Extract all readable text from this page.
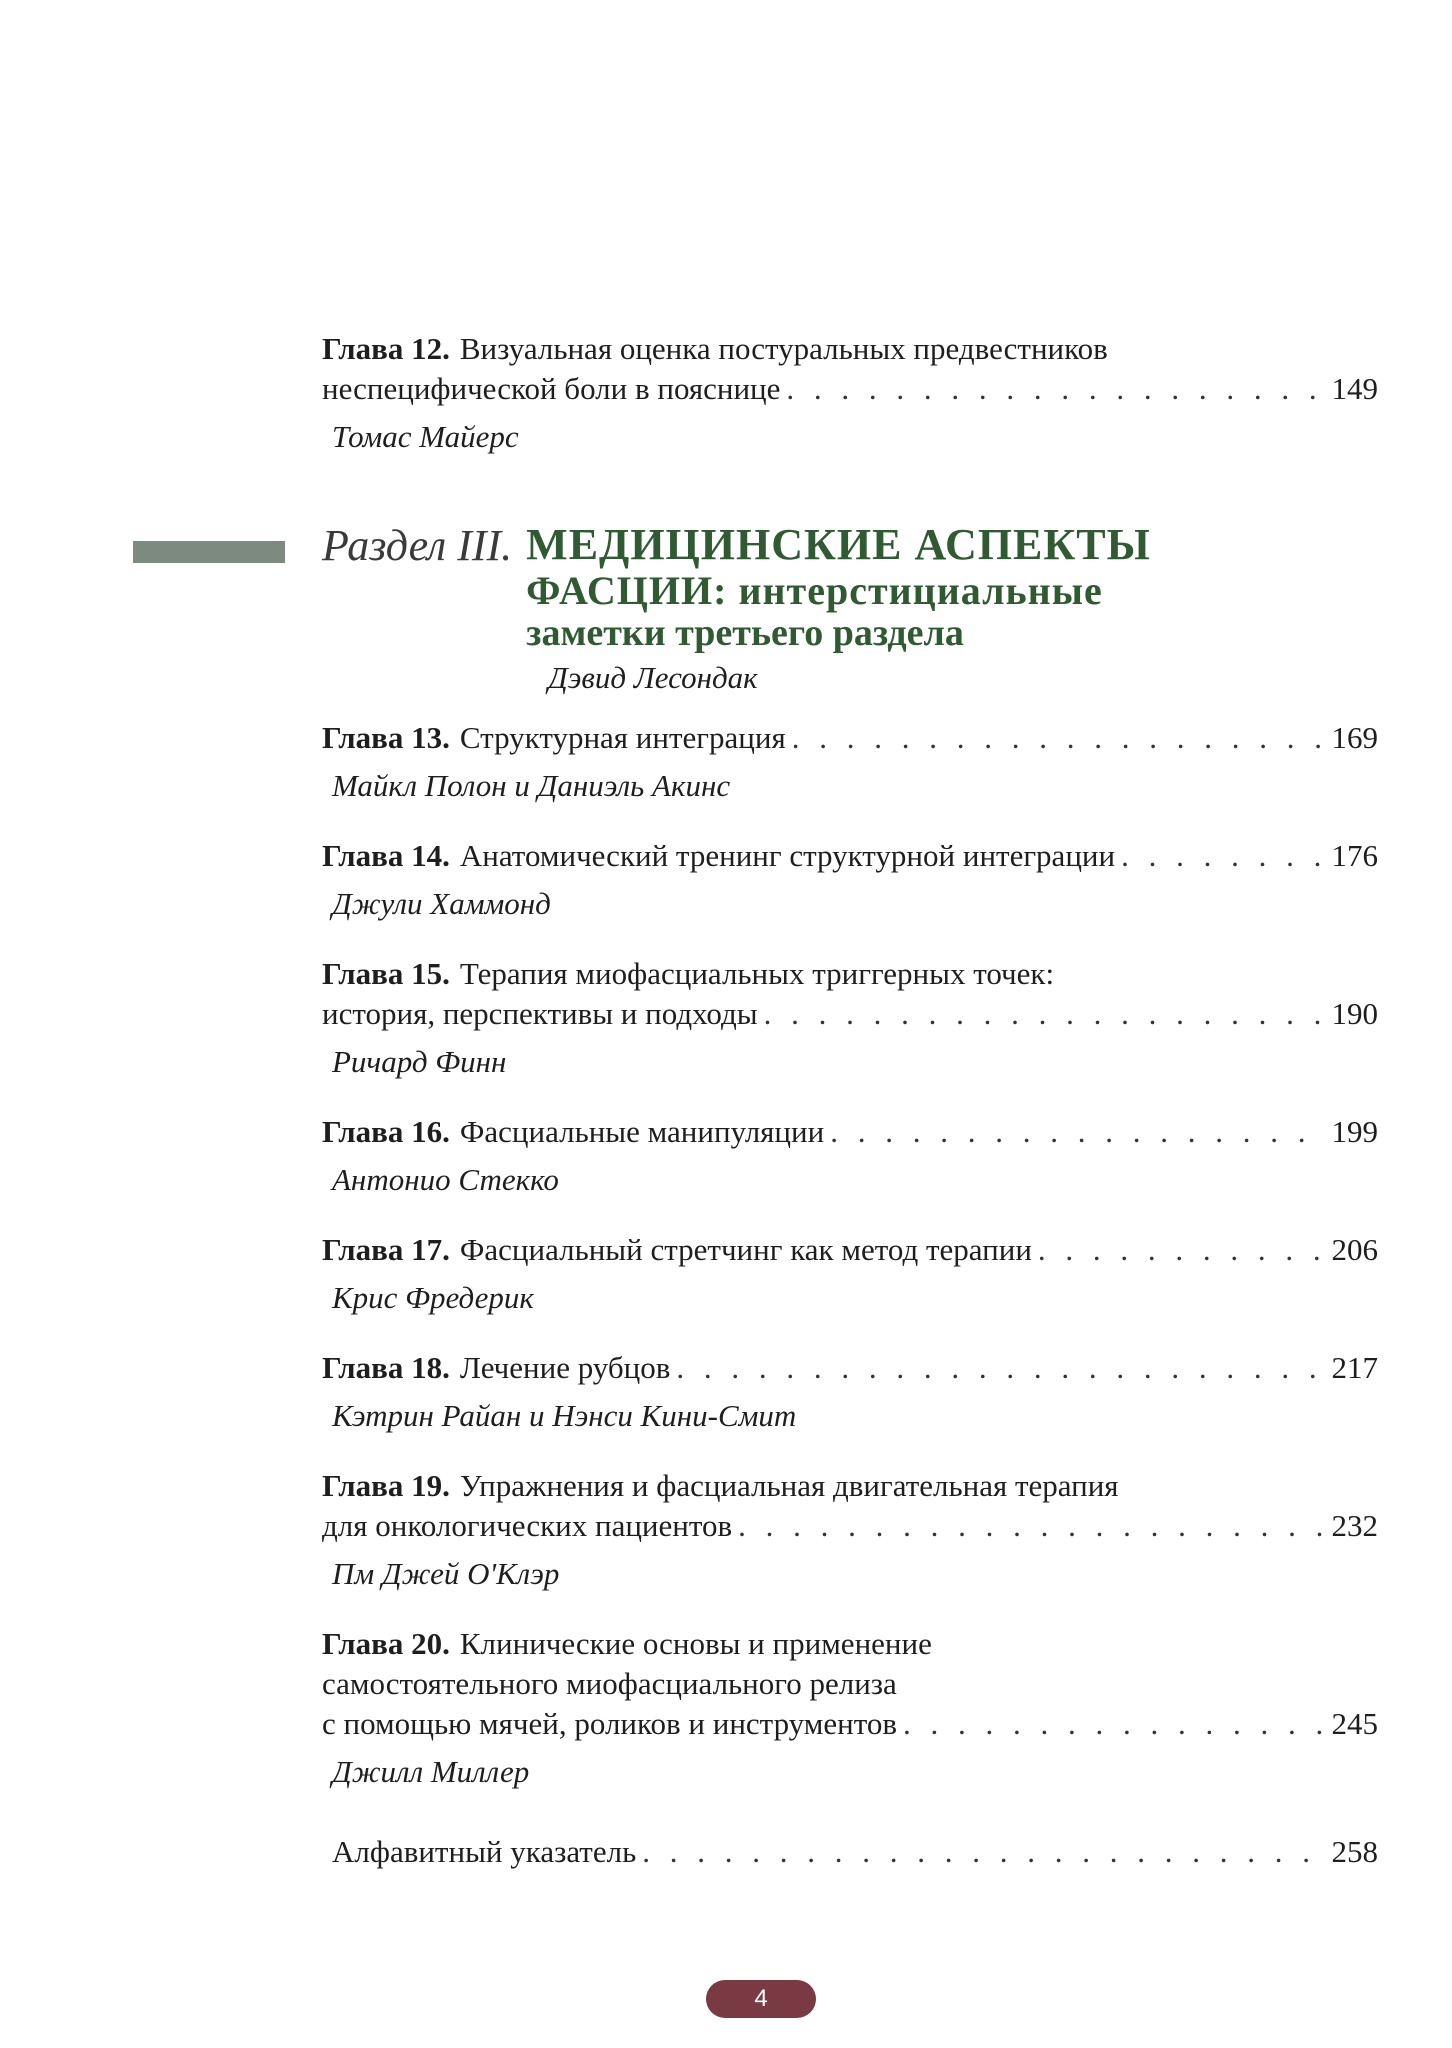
Глава 12. Визуальная оценка постуральных предвестников
неспецифической боли в пояснице . . .	149
Томас Майерс
Раздел III. МЕДИЦИНСКИЕ АСПЕКТЫ
ФАСЦИИ: интерстициальные
заметки третьего раздела
Дэвид Лесондак
Глава 13. Структурная интеграция . . .	169
Майкл Полон и Даниэль Акинс
Глава 14. Анатомический тренинг структурной интеграции . . .	176
Джули Хаммонд
Глава 15. Терапия миофасциальных триггерных точек:
история, перспективы и подходы . . .	190
Ричард Финн
Глава 16. Фасциальные манипуляции . . .	199
Антонио Стекко
Глава 17. Фасциальный стретчинг как метод терапии . . .	206
Крис Фредерик
Глава 18. Лечение рубцов . . .	217
Кэтрин Райан и Нэнси Кини-Смит
Глава 19. Упражнения и фасциальная двигательная терапия
для онкологических пациентов . . .	232
Пм Джей О'Клэр
Глава 20. Клинические основы и применение
самостоятельного миофасциального релиза
с помощью мячей, роликов и инструментов . . .	245
Джилл Миллер
Алфавитный указатель . . .	258
4
